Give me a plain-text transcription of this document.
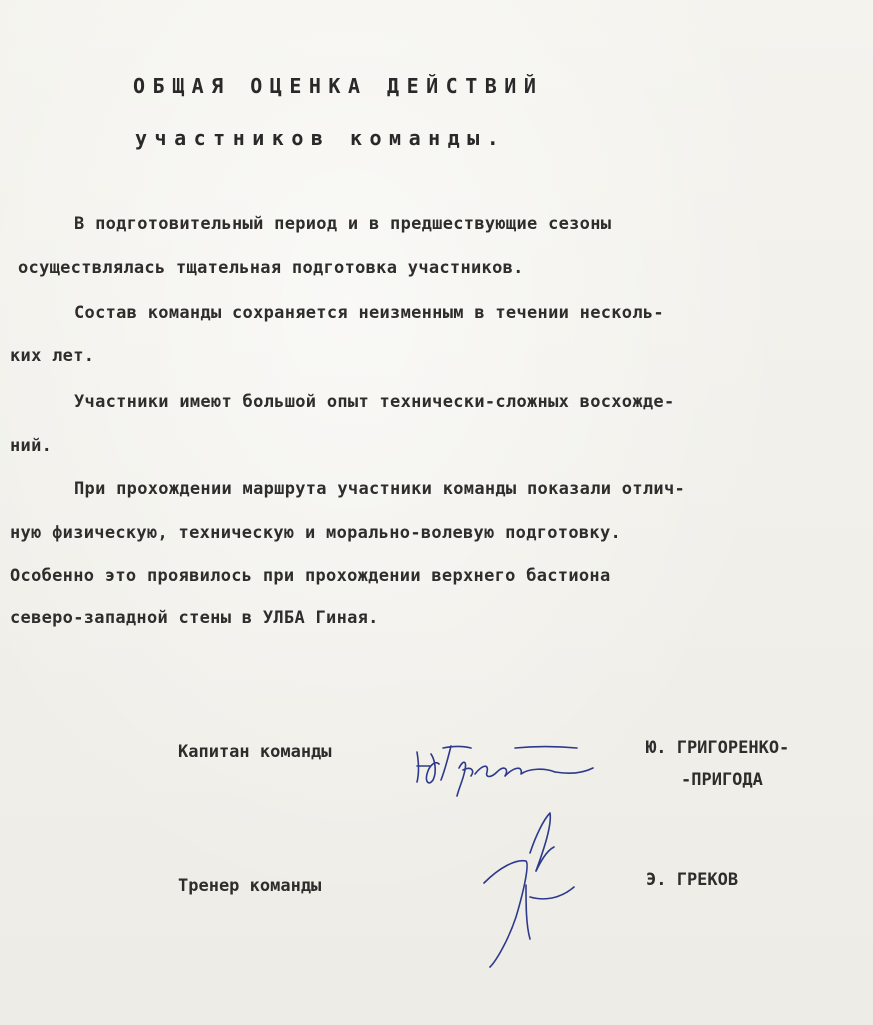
ОБЩАЯ ОЦЕНКА ДЕЙСТВИЙ
участников команды.
В подготовительный период и в предшествующие сезоны
осуществлялась тщательная подготовка участников.
Состав команды сохраняется неизменным в течении несколь-
ких лет.
Участники имеют большой опыт технически-сложных восхожде-
ний.
При прохождении маршрута участники команды показали отлич-
ную физическую, техническую и морально-волевую подготовку.
Особенно это проявилось при прохождении верхнего бастиона
северо-западной стены в УЛБА Гиная.
Капитан команды	Ю. ГРИГОРЕНКО-
-ПРИГОДА
Тренер команды	Э. ГРЕКОВ
